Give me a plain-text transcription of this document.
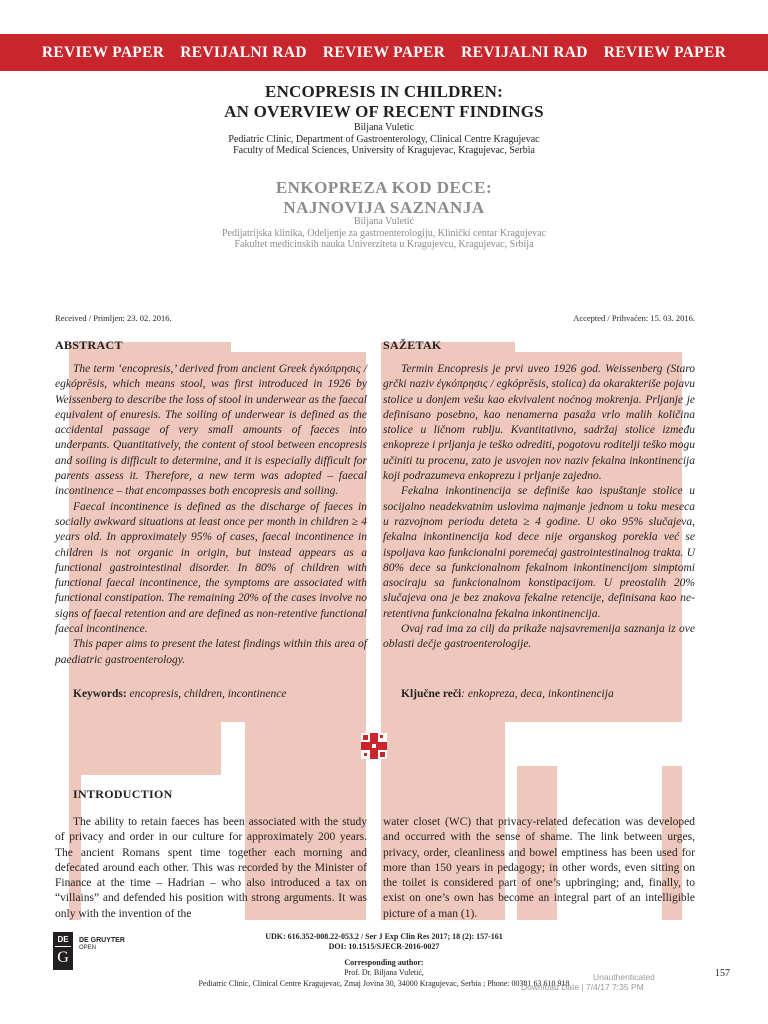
REVIEW PAPER REVIJALNI RAD REVIEW PAPER REVIJALNI RAD REVIEW PAPER
ENCOPRESIS IN CHILDREN:
AN OVERVIEW OF RECENT FINDINGS
Biljana Vuletic
Pediatric Clinic, Department of Gastroenterology, Clinical Centre Kragujevac
Faculty of Medical Sciences, University of Kragujevac, Kragujevac, Serbia
ENKOPREZA KOD DECE:
NAJNOVIJA SAZNANJA
Biljana Vuletić
Pedijatrijska klinika, Odeljenje za gastroenterologiju, Klinički centar Kragujevac
Fakultet medicinskih nauka Univerziteta u Kragujevcu, Kragujevac, Srbija
Received / Primljen: 23. 02. 2016.	Accepted / Prihvaćen: 15. 03. 2016.
ABSTRACT

The term ‘encopresis,’ derived from ancient Greek ἐγκόπρησις / egkóprēsis, which means stool, was first introduced in 1926 by Weissenberg to describe the loss of stool in underwear as the faecal equivalent of enuresis. The soiling of underwear is defined as the accidental passage of very small amounts of faeces into underpants. Quantitatively, the content of stool between encopresis and soiling is difficult to determine, and it is especially difficult for parents assess it. Therefore, a new term was adopted – faecal incontinence – that encompasses both encopresis and soiling.

Faecal incontinence is defined as the discharge of faeces in socially awkward situations at least once per month in children ≥ 4 years old. In approximately 95% of cases, faecal incontinence in children is not organic in origin, but instead appears as a functional gastrointestinal disorder. In 80% of children with functional faecal incontinence, the symptoms are associated with functional constipation. The remaining 20% of the cases involve no signs of faecal retention and are defined as non-retentive functional faecal incontinence.

This paper aims to present the latest findings within this area of paediatric gastroenterology.

Keywords: encopresis, children, incontinence
SAŽETAK

Termin Encopresis je prvi uveo 1926 god. Weissenberg (Staro grčki naziv ἐγκόπρησις / egkóprēsis, stolica) da okarakteriše pojavu stolice u donjem vešu kao ekvivalent noćnog mokrenja. Prljanje je definisano posebno, kao nenamerna pasaža vrlo malih količina stolice u ličnom rublju. Kvantitativno, sadržaj stolice između enkopreze i prljanja je teško odrediti, pogotovu roditelji teško mogu učiniti tu procenu, zato je usvojen nov naziv fekalna inkontinencija koji podrazumeva enkoprezu i prljanje zajedno.

Fekalna inkontinencija se definiše kao ispuštanje stolice u socijalno neadekvatnim uslovima najmanje jednom u toku meseca u razvojnom periodu deteta ≥ 4 godine. U oko 95% slučajeva, fekalna inkontinencija kod dece nije organskog porekla već se ispoljava kao funkcionalni poremećaj gastrointestinalnog trakta. U 80% dece sa funkcionalnom fekalnom inkontinencijom simptomi asociraju sa funkcionalnom konstipacijom. U preostalih 20% slučajeva ona je bez znakova fekalne retencije, definisana kao ne- retentivna funkcionalna fekalna inkontinencija.

Ovaj rad ima za cilj da prikaže najsavremenija saznanja iz ove oblasti dečje gastroenterologije.

Ključne reči: enkopreza, deca, inkontinencija
INTRODUCTION

The ability to retain faeces has been associated with the study of privacy and order in our culture for approximately 200 years. The ancient Romans spent time together each morning and defecated around each other. This was recorded by the Minister of Finance at the time – Hadrian – who also introduced a tax on “villains” and defended his position with strong arguments. It was only with the invention of the

water closet (WC) that privacy-related defecation was developed and occurred with the sense of shame. The link between urges, privacy, order, cleanliness and bowel emptiness has been used for more than 150 years in pedagogy; in other words, even sitting on the toilet is considered part of one’s upbringing; and, finally, to exist on one’s own has become an integral part of an intelligible picture of a man (1).

DE
G
DE GRUYTER
OPEN
UDK: 616.352-008.22-053.2 / Ser J Exp Clin Res 2017; 18 (2): 157-161
DOI: 10.1515/SJECR-2016-0027
Corresponding author:
Prof. Dr. Biljana Vuletić,
Pediatric Clinic, Clinical Centre Kragujevac, Zmaj Jovina 30, 34000 Kragujevac, Serbia ; Phone: 00381 63 610 918
157
Unauthenticated
Download Date | 7/4/17 7:35 PM
